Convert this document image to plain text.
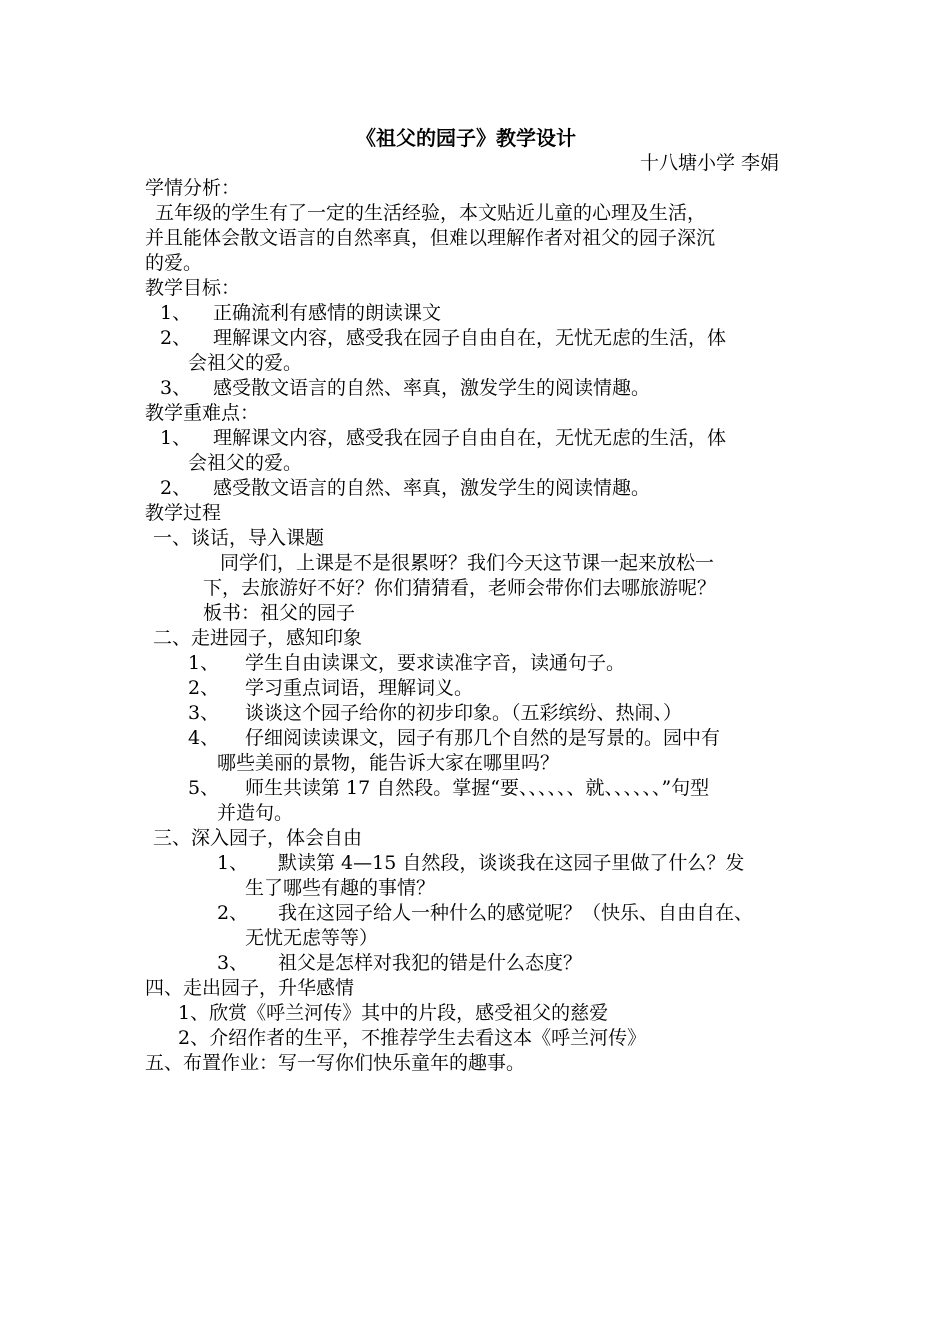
《祖父的园子》教学设计
十八塘小学 李娟
学情分析：
五年级的学生有了一定的生活经验，本文贴近儿童的心理及生活，
并且能体会散文语言的自然率真，但难以理解作者对祖父的园子深沉
的爱。
教学目标：
1、 正确流利有感情的朗读课文
2、 理解课文内容，感受我在园子自由自在，无忧无虑的生活，体
会祖父的爱。
3、 感受散文语言的自然、率真，激发学生的阅读情趣。
教学重难点：
1、 理解课文内容，感受我在园子自由自在，无忧无虑的生活，体
会祖父的爱。
2、 感受散文语言的自然、率真，激发学生的阅读情趣。
教学过程
一、谈话，导入课题
同学们，上课是不是很累呀？我们今天这节课一起来放松一
下，去旅游好不好？你们猜猜看，老师会带你们去哪旅游呢？
板书：祖父的园子
二、走进园子，感知印象
1、 学生自由读课文，要求读准字音，读通句子。
2、 学习重点词语，理解词义。
3、 谈谈这个园子给你的初步印象。（五彩缤纷、热闹、）
4、 仔细阅读读课文，园子有那几个自然的是写景的。园中有
哪些美丽的景物，能告诉大家在哪里吗？
5、 师生共读第 17 自然段。掌握“要、、、、、、就、、、、、、”句型
并造句。
三、深入园子，体会自由
1、 默读第 4—15 自然段，谈谈我在这园子里做了什么？发
生了哪些有趣的事情？
2、 我在这园子给人一种什么的感觉呢？（快乐、自由自在、
无忧无虑等等）
3、 祖父是怎样对我犯的错是什么态度？
四、走出园子，升华感情
1、欣赏《呼兰河传》其中的片段，感受祖父的慈爱
2、介绍作者的生平，不推荐学生去看这本《呼兰河传》
五、布置作业：写一写你们快乐童年的趣事。
